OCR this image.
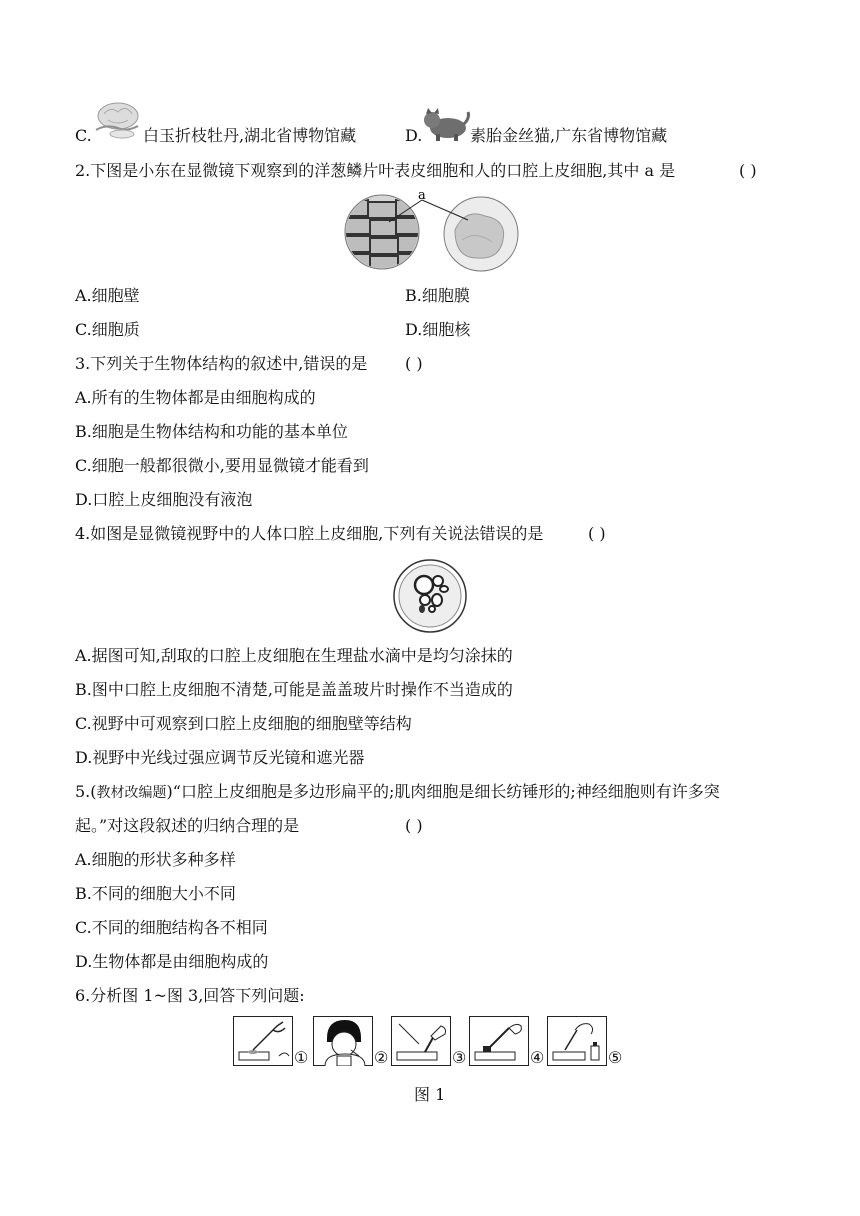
C.	白玉折枝牡丹,湖北省博物馆藏	D.	素胎金丝猫,广东省博物馆藏
2.下图是小东在显微镜下观察到的洋葱鳞片叶表皮细胞和人的口腔上皮细胞,其中 a 是	( )
a
A.细胞壁	B.细胞膜
C.细胞质	D.细胞核
3.下列关于生物体结构的叙述中,错误的是 ( )
A.所有的生物体都是由细胞构成的
B.细胞是生物体结构和功能的基本单位
C.细胞一般都很微小,要用显微镜才能看到
D.口腔上皮细胞没有液泡
4.如图是显微镜视野中的人体口腔上皮细胞,下列有关说法错误的是	( )
A.据图可知,刮取的口腔上皮细胞在生理盐水滴中是均匀涂抹的
B.图中口腔上皮细胞不清楚,可能是盖盖玻片时操作不当造成的
C.视野中可观察到口腔上皮细胞的细胞壁等结构
D.视野中光线过强应调节反光镜和遮光器
5.(教材改编题)“口腔上皮细胞是多边形扁平的;肌肉细胞是细长纺锤形的;神经细胞则有许多突
起。”对这段叙述的归纳合理的是	( )
A.细胞的形状多种多样
B.不同的细胞大小不同
C.不同的细胞结构各不相同
D.生物体都是由细胞构成的
6.分析图 1~图 3,回答下列问题:
①	②	③	④	⑤
图 1
